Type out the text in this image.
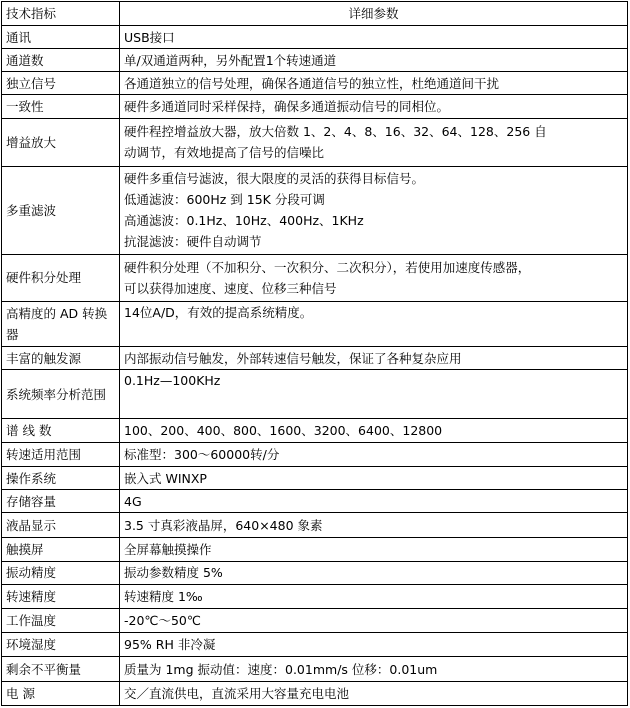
技术指标	详细参数
通讯	USB接口

通道数	单/双通道两种，另外配置1个转速通道

独立信号	各通道独立的信号处理，确保各通道信号的独立性，杜绝通道间干扰

一致性	硬件多通道同时采样保持，确保多通道振动信号的同相位。

增益放大	硬件程控增益放大器，放大倍数 1、2、4、8、16、32、64、128、256 自
动调节，有效地提高了信号的信噪比

多重滤波	硬件多重信号滤波，很大限度的灵活的获得目标信号。
低通滤波：600Hz 到 15K 分段可调
高通滤波：0.1Hz、10Hz、400Hz、1KHz
抗混滤波：硬件自动调节

硬件积分处理	硬件积分处理（不加积分、一次积分、二次积分），若使用加速度传感器，
可以获得加速度、速度、位移三种信号

高精度的 AD 转换器	14位A/D，有效的提高系统精度。

丰富的触发源	内部振动信号触发，外部转速信号触发，保证了各种复杂应用

系统频率分析范围	0.1Hz—100KHz

谱 线 数	100、200、400、800、1600、3200、6400、12800

转速适用范围	标准型：300～60000转/分

操作系统	嵌入式 WINXP

存储容量	4G

液晶显示	3.5 寸真彩液晶屏，640×480 象素

触摸屏	全屏幕触摸操作

振动精度	振动参数精度 5%

转速精度	转速精度 1‰

工作温度	-20℃～50℃

环境湿度	95% RH 非冷凝

剩余不平衡量	质量为 1mg 振动值：速度：0.01mm/s 位移：0.01um

电 源	交／直流供电，直流采用大容量充电电池
